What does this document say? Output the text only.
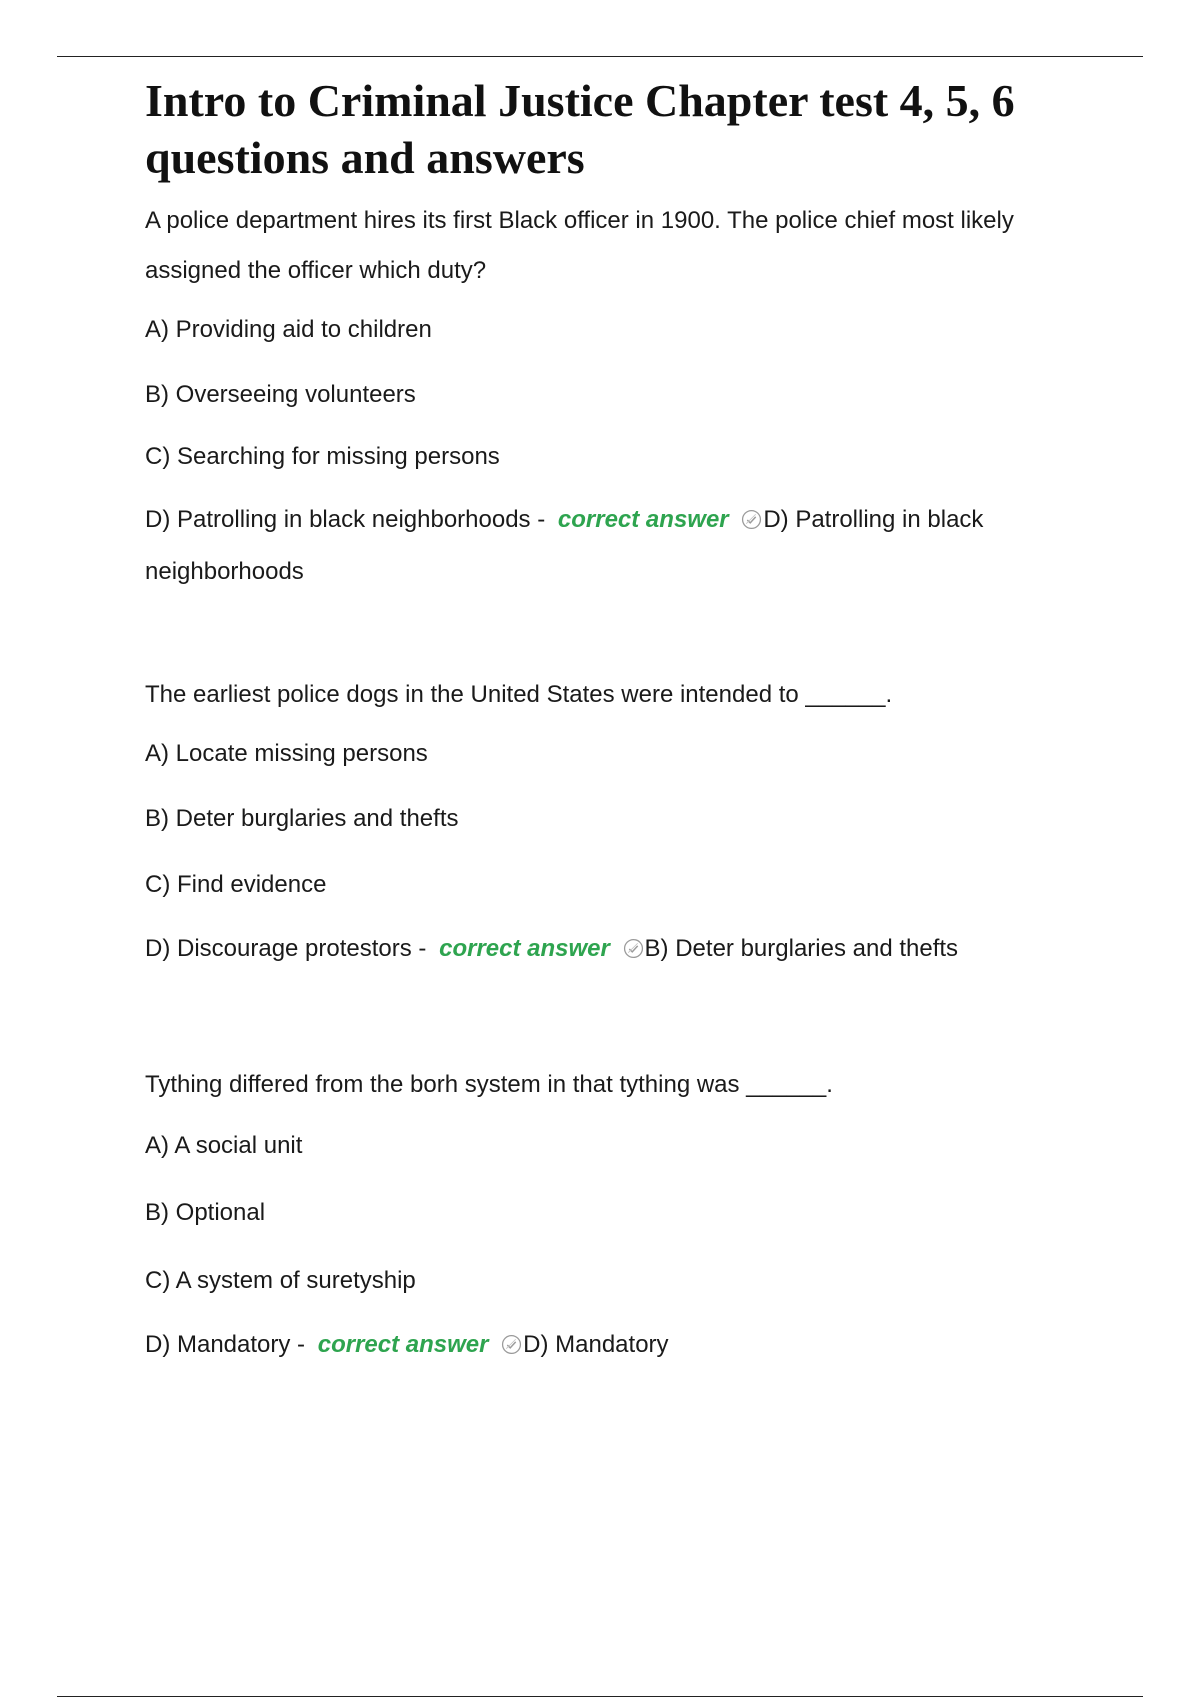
Intro to Criminal Justice Chapter test 4, 5, 6 questions and answers

A police department hires its first Black officer in 1900. The police chief most likely assigned the officer which duty?

A) Providing aid to children

B) Overseeing volunteers

C) Searching for missing persons

D) Patrolling in black neighborhoods - correct answer D) Patrolling in black neighborhoods

The earliest police dogs in the United States were intended to ______.

A) Locate missing persons

B) Deter burglaries and thefts

C) Find evidence

D) Discourage protestors - correct answer B) Deter burglaries and thefts

Tything differed from the borh system in that tything was ______.

A) A social unit

B) Optional

C) A system of suretyship

D) Mandatory - correct answer D) Mandatory
